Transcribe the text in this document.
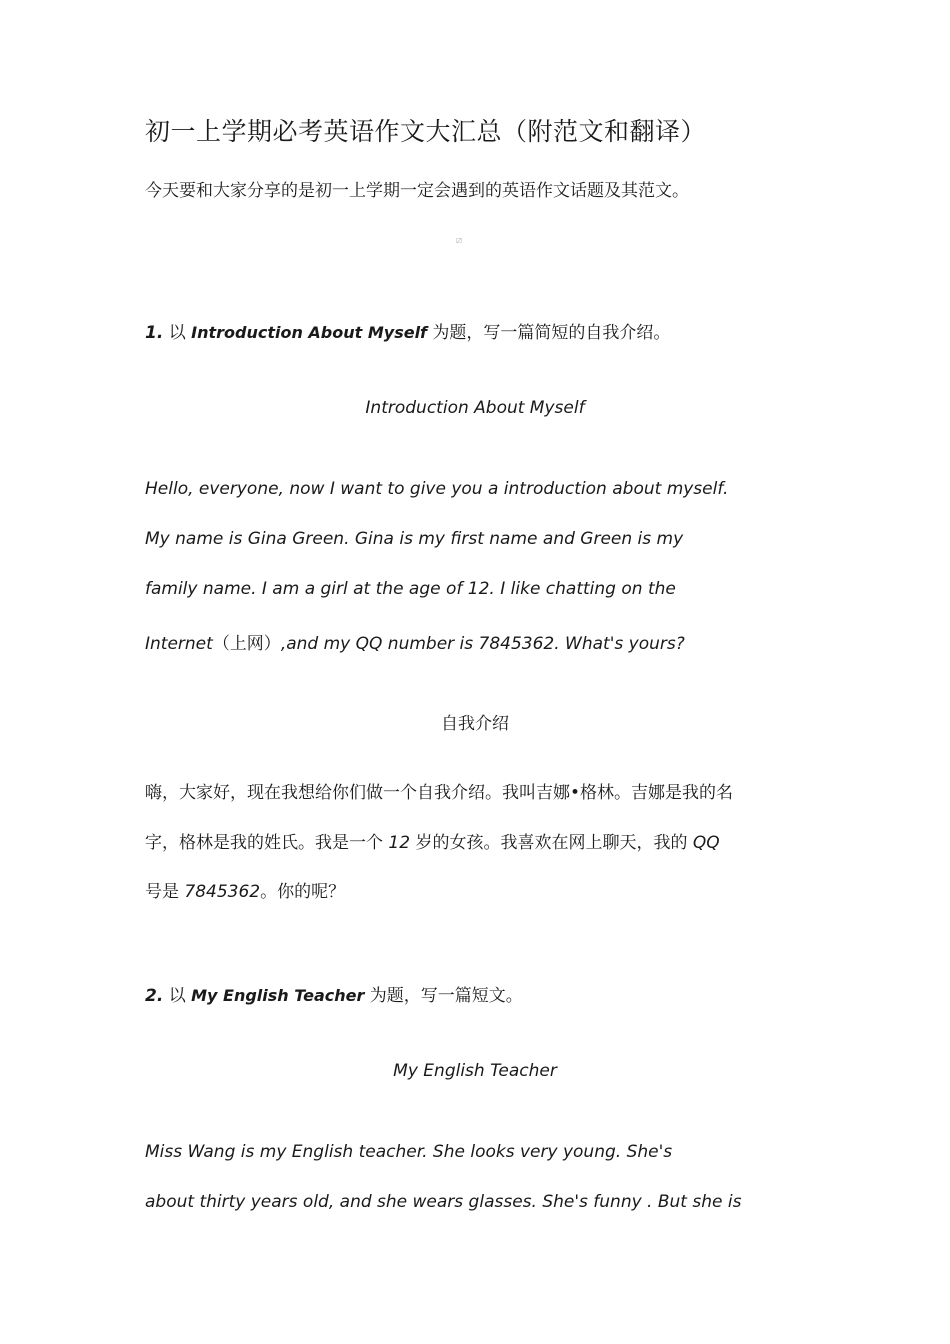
初一上学期必考英语作文大汇总（附范文和翻译）
今天要和大家分享的是初一上学期一定会遇到的英语作文话题及其范文。
〼
1. 以 Introduction About Myself 为题，写一篇简短的自我介绍。
Introduction About Myself
Hello, everyone, now I want to give you a introduction about myself.
My name is Gina Green. Gina is my first name and Green is my
family name. I am a girl at the age of 12. I like chatting on the
Internet（上网）,and my QQ number is 7845362. What's yours?
自我介绍
嗨，大家好，现在我想给你们做一个自我介绍。我叫吉娜•格林。吉娜是我的名
字，格林是我的姓氏。我是一个 12 岁的女孩。我喜欢在网上聊天，我的 QQ
号是 7845362。你的呢？
2. 以 My English Teacher 为题，写一篇短文。
My English Teacher
Miss Wang is my English teacher. She looks very young. She's
about thirty years old, and she wears glasses. She's funny . But she is
